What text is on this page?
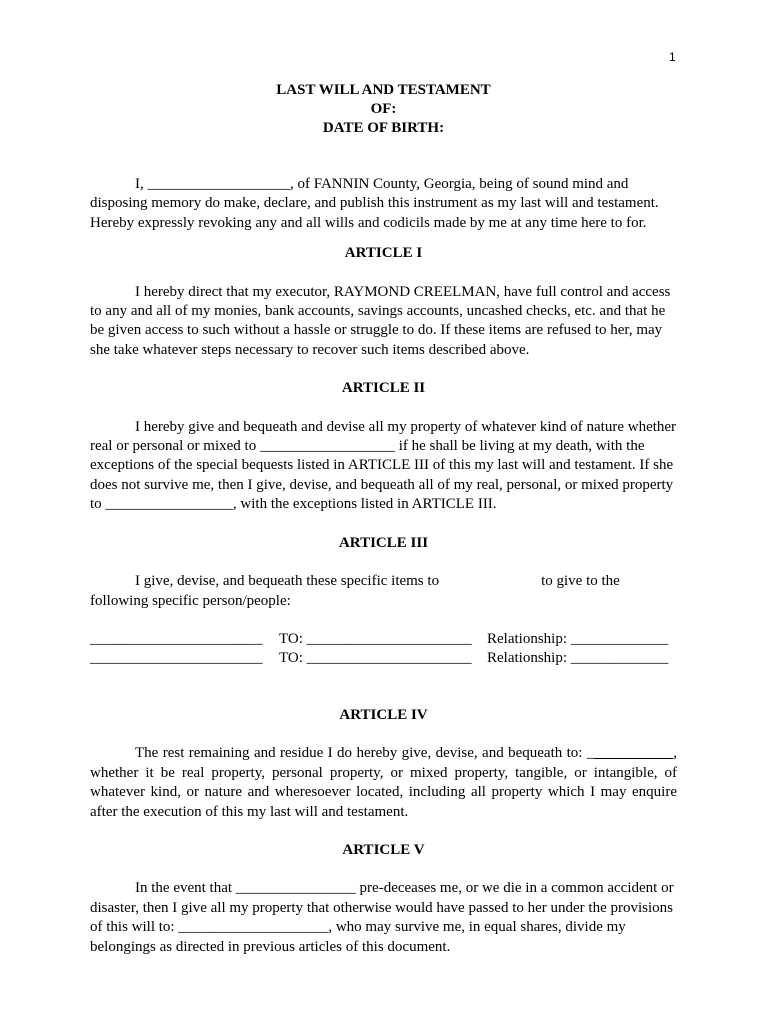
1
LAST WILL AND TESTAMENT
OF:
DATE OF BIRTH:

I, ___________________, of FANNIN County, Georgia, being of sound mind and disposing memory do make, declare, and publish this instrument as my last will and testament. Hereby expressly revoking any and all wills and codicils made by me at any time here to for.

ARTICLE I

I hereby direct that my executor, RAYMOND CREELMAN, have full control and access to any and all of my monies, bank accounts, savings accounts, uncashed checks, etc. and that he be given access to such without a hassle or struggle to do. If these items are refused to her, may she take whatever steps necessary to recover such items described above.

ARTICLE II

I hereby give and bequeath and devise all my property of whatever kind of nature whether real or personal or mixed to __________________ if he shall be living at my death, with the exceptions of the special bequests listed in ARTICLE III of this my last will and testament. If she does not survive me, then I give, devise, and bequeath all of my real, personal, or mixed property to _________________, with the exceptions listed in ARTICLE III.

ARTICLE III

I give, devise, and bequeath these specific items to	to give to the following specific person/people:

_______________________	TO: ______________________	Relationship: _____________
_______________________	TO: ______________________	Relationship: _____________
ARTICLE IV

The rest remaining and residue I do hereby give, devise, and bequeath to: _	, whether it be real property, personal property, or mixed property, tangible, or intangible, of whatever kind, or nature and wheresoever located, including all property which I may enquire after the execution of this my last will and testament.

ARTICLE V

In the event that ________________ pre-deceases me, or we die in a common accident or disaster, then I give all my property that otherwise would have passed to her under the provisions of this will to: ____________________, who may survive me, in equal shares, divide my belongings as directed in previous articles of this document.
